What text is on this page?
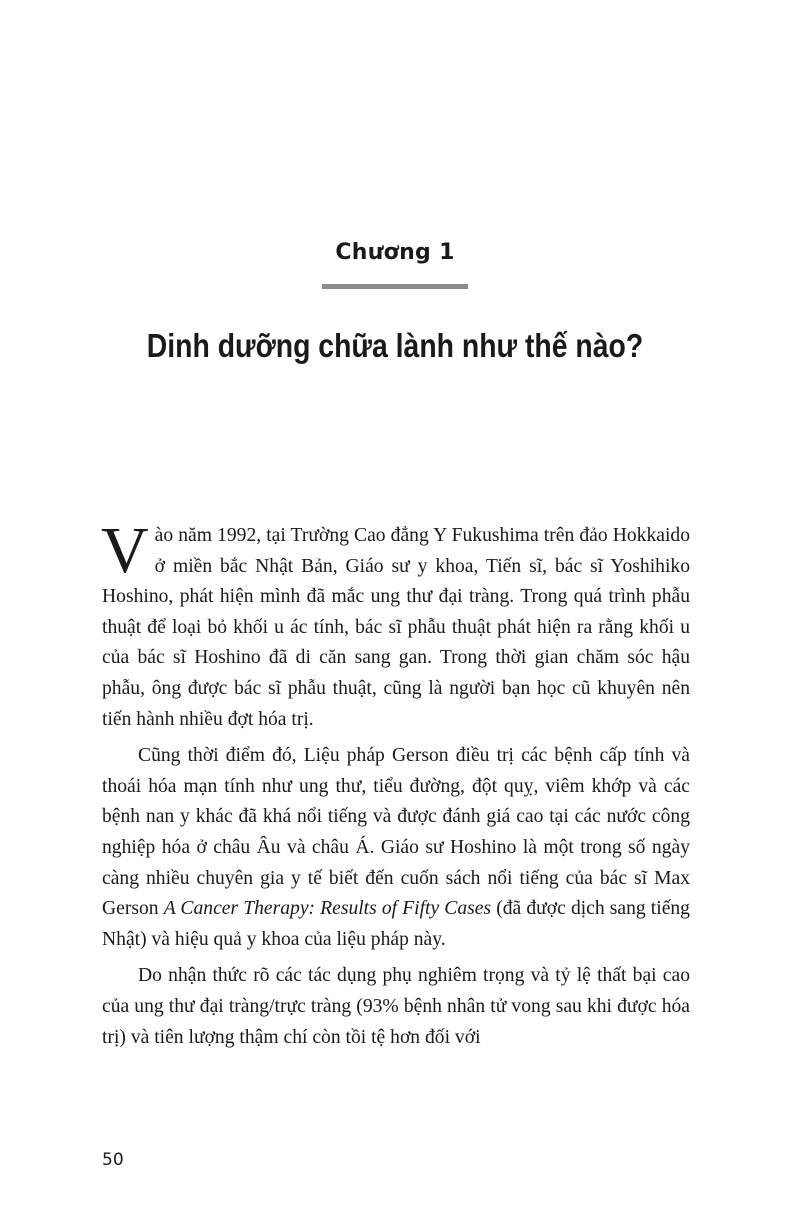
Chương 1
Dinh dưỡng chữa lành như thế nào?

Vào năm 1992, tại Trường Cao đẳng Y Fukushima trên đảo Hokkaido ở miền bắc Nhật Bản, Giáo sư y khoa, Tiến sĩ, bác sĩ Yoshihiko Hoshino, phát hiện mình đã mắc ung thư đại tràng. Trong quá trình phẫu thuật để loại bỏ khối u ác tính, bác sĩ phẫu thuật phát hiện ra rằng khối u của bác sĩ Hoshino đã di căn sang gan. Trong thời gian chăm sóc hậu phẫu, ông được bác sĩ phẫu thuật, cũng là người bạn học cũ khuyên nên tiến hành nhiều đợt hóa trị.

Cũng thời điểm đó, Liệu pháp Gerson điều trị các bệnh cấp tính và thoái hóa mạn tính như ung thư, tiểu đường, đột quỵ, viêm khớp và các bệnh nan y khác đã khá nổi tiếng và được đánh giá cao tại các nước công nghiệp hóa ở châu Âu và châu Á. Giáo sư Hoshino là một trong số ngày càng nhiều chuyên gia y tế biết đến cuốn sách nổi tiếng của bác sĩ Max Gerson A Cancer Therapy: Results of Fifty Cases (đã được dịch sang tiếng Nhật) và hiệu quả y khoa của liệu pháp này.

Do nhận thức rõ các tác dụng phụ nghiêm trọng và tỷ lệ thất bại cao của ung thư đại tràng/trực tràng (93% bệnh nhân tử vong sau khi được hóa trị) và tiên lượng thậm chí còn tồi tệ hơn đối với

50
